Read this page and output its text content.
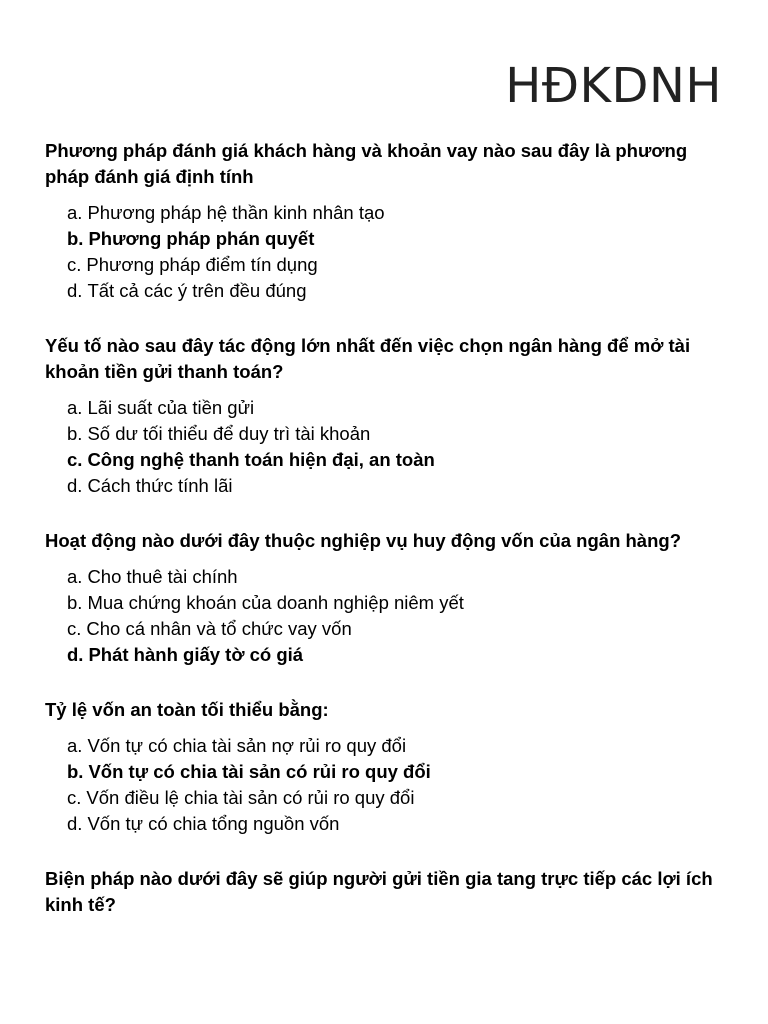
HĐKDNH

Phương pháp đánh giá khách hàng và khoản vay nào sau đây là phương pháp đánh giá định tính

a. Phương pháp hệ thần kinh nhân tạo
b. Phương pháp phán quyết
c. Phương pháp điểm tín dụng
d. Tất cả các ý trên đều đúng

Yếu tố nào sau đây tác động lớn nhất đến việc chọn ngân hàng để mở tài khoản tiền gửi thanh toán?

a. Lãi suất của tiền gửi
b. Số dư tối thiểu để duy trì tài khoản
c. Công nghệ thanh toán hiện đại, an toàn
d. Cách thức tính lãi

Hoạt động nào dưới đây thuộc nghiệp vụ huy động vốn của ngân hàng?

a. Cho thuê tài chính
b. Mua chứng khoán của doanh nghiệp niêm yết
c. Cho cá nhân và tổ chức vay vốn
d. Phát hành giấy tờ có giá

Tỷ lệ vốn an toàn tối thiểu bằng:

a. Vốn tự có chia tài sản nợ rủi ro quy đổi
b. Vốn tự có chia tài sản có rủi ro quy đổi
c. Vốn điều lệ chia tài sản có rủi ro quy đổi
d. Vốn tự có chia tổng nguồn vốn

Biện pháp nào dưới đây sẽ giúp người gửi tiền gia tang trực tiếp các lợi ích kinh tế?
